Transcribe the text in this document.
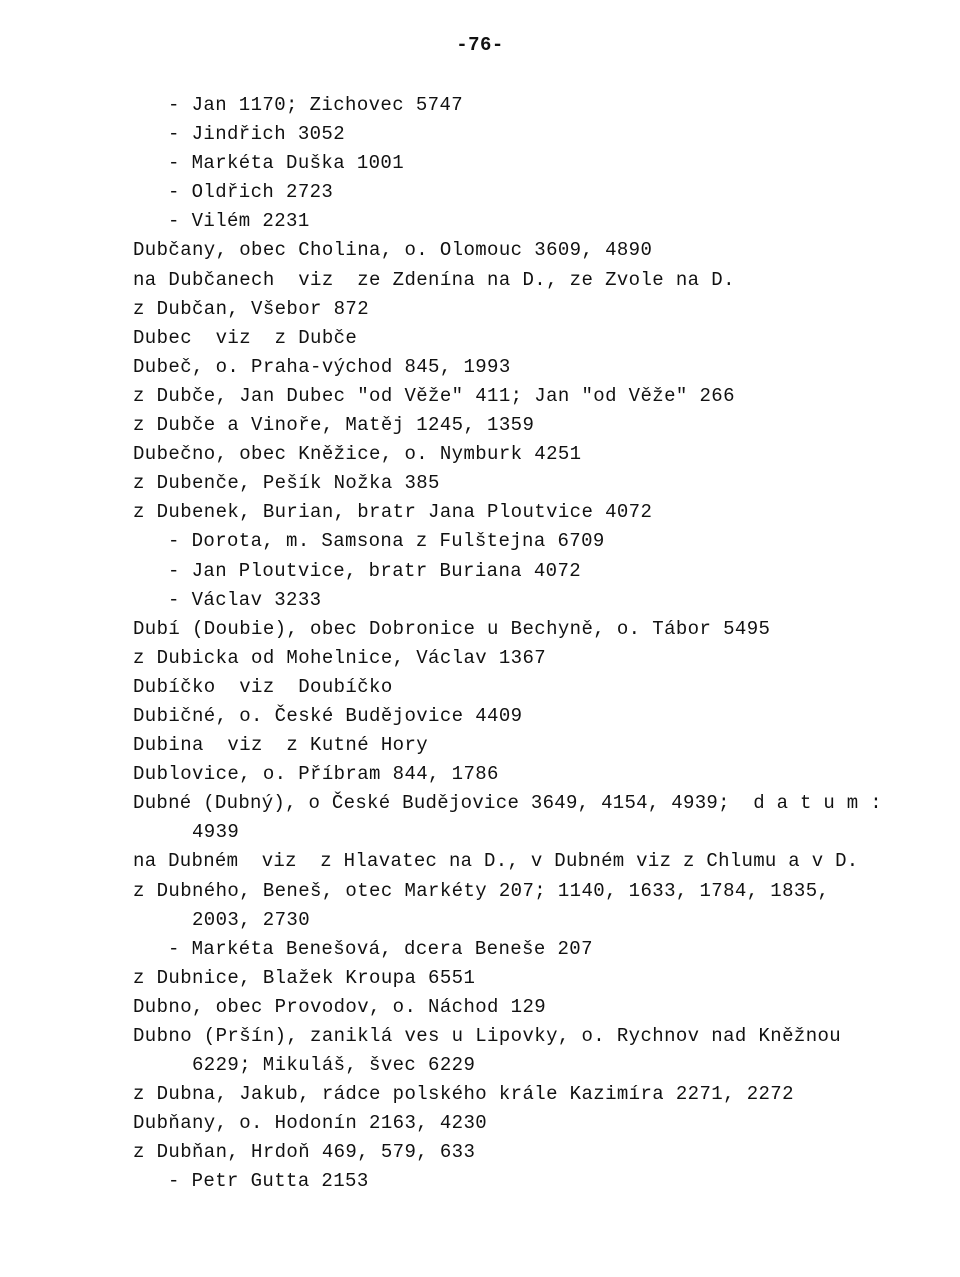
-76-
- Jan 1170; Zichovec 5747
- Jindřich 3052
- Markéta Duška 1001
- Oldřich 2723
- Vilém 2231
Dubčany, obec Cholina, o. Olomouc 3609, 4890
na Dubčanech  viz  ze Zdenína na D., ze Zvole na D.
z Dubčan, Všebor 872
Dubec  viz  z Dubče
Dubeč, o. Praha-východ 845, 1993
z Dubče, Jan Dubec "od Věže" 411; Jan "od Věže" 266
z Dubče a Vinoře, Matěj 1245, 1359
Dubečno, obec Kněžice, o. Nymburk 4251
z Dubenče, Pešík Nožka 385
z Dubenek, Burian, bratr Jana Ploutvice 4072
- Dorota, m. Samsona z Fulštejna 6709
- Jan Ploutvice, bratr Buriana 4072
- Václav 3233
Dubí (Doubie), obec Dobronice u Bechyně, o. Tábor 5495
z Dubicka od Mohelnice, Václav 1367
Dubíčko  viz  Doubíčko
Dubičné, o. České Budějovice 4409
Dubina  viz  z Kutné Hory
Dublovice, o. Příbram 844, 1786
Dubné (Dubný), o České Budějovice 3649, 4154, 4939;  d a t u m :
4939
na Dubném  viz  z Hlavatec na D., v Dubném viz z Chlumu a v D.
z Dubného, Beneš, otec Markéty 207; 1140, 1633, 1784, 1835,
2003, 2730
- Markéta Benešová, dcera Beneše 207
z Dubnice, Blažek Kroupa 6551
Dubno, obec Provodov, o. Náchod 129
Dubno (Pršín), zaniklá ves u Lipovky, o. Rychnov nad Kněžnou
6229; Mikuláš, švec 6229
z Dubna, Jakub, rádce polského krále Kazimíra 2271, 2272
Dubňany, o. Hodonín 2163, 4230
z Dubňan, Hrdoň 469, 579, 633
- Petr Gutta 2153
